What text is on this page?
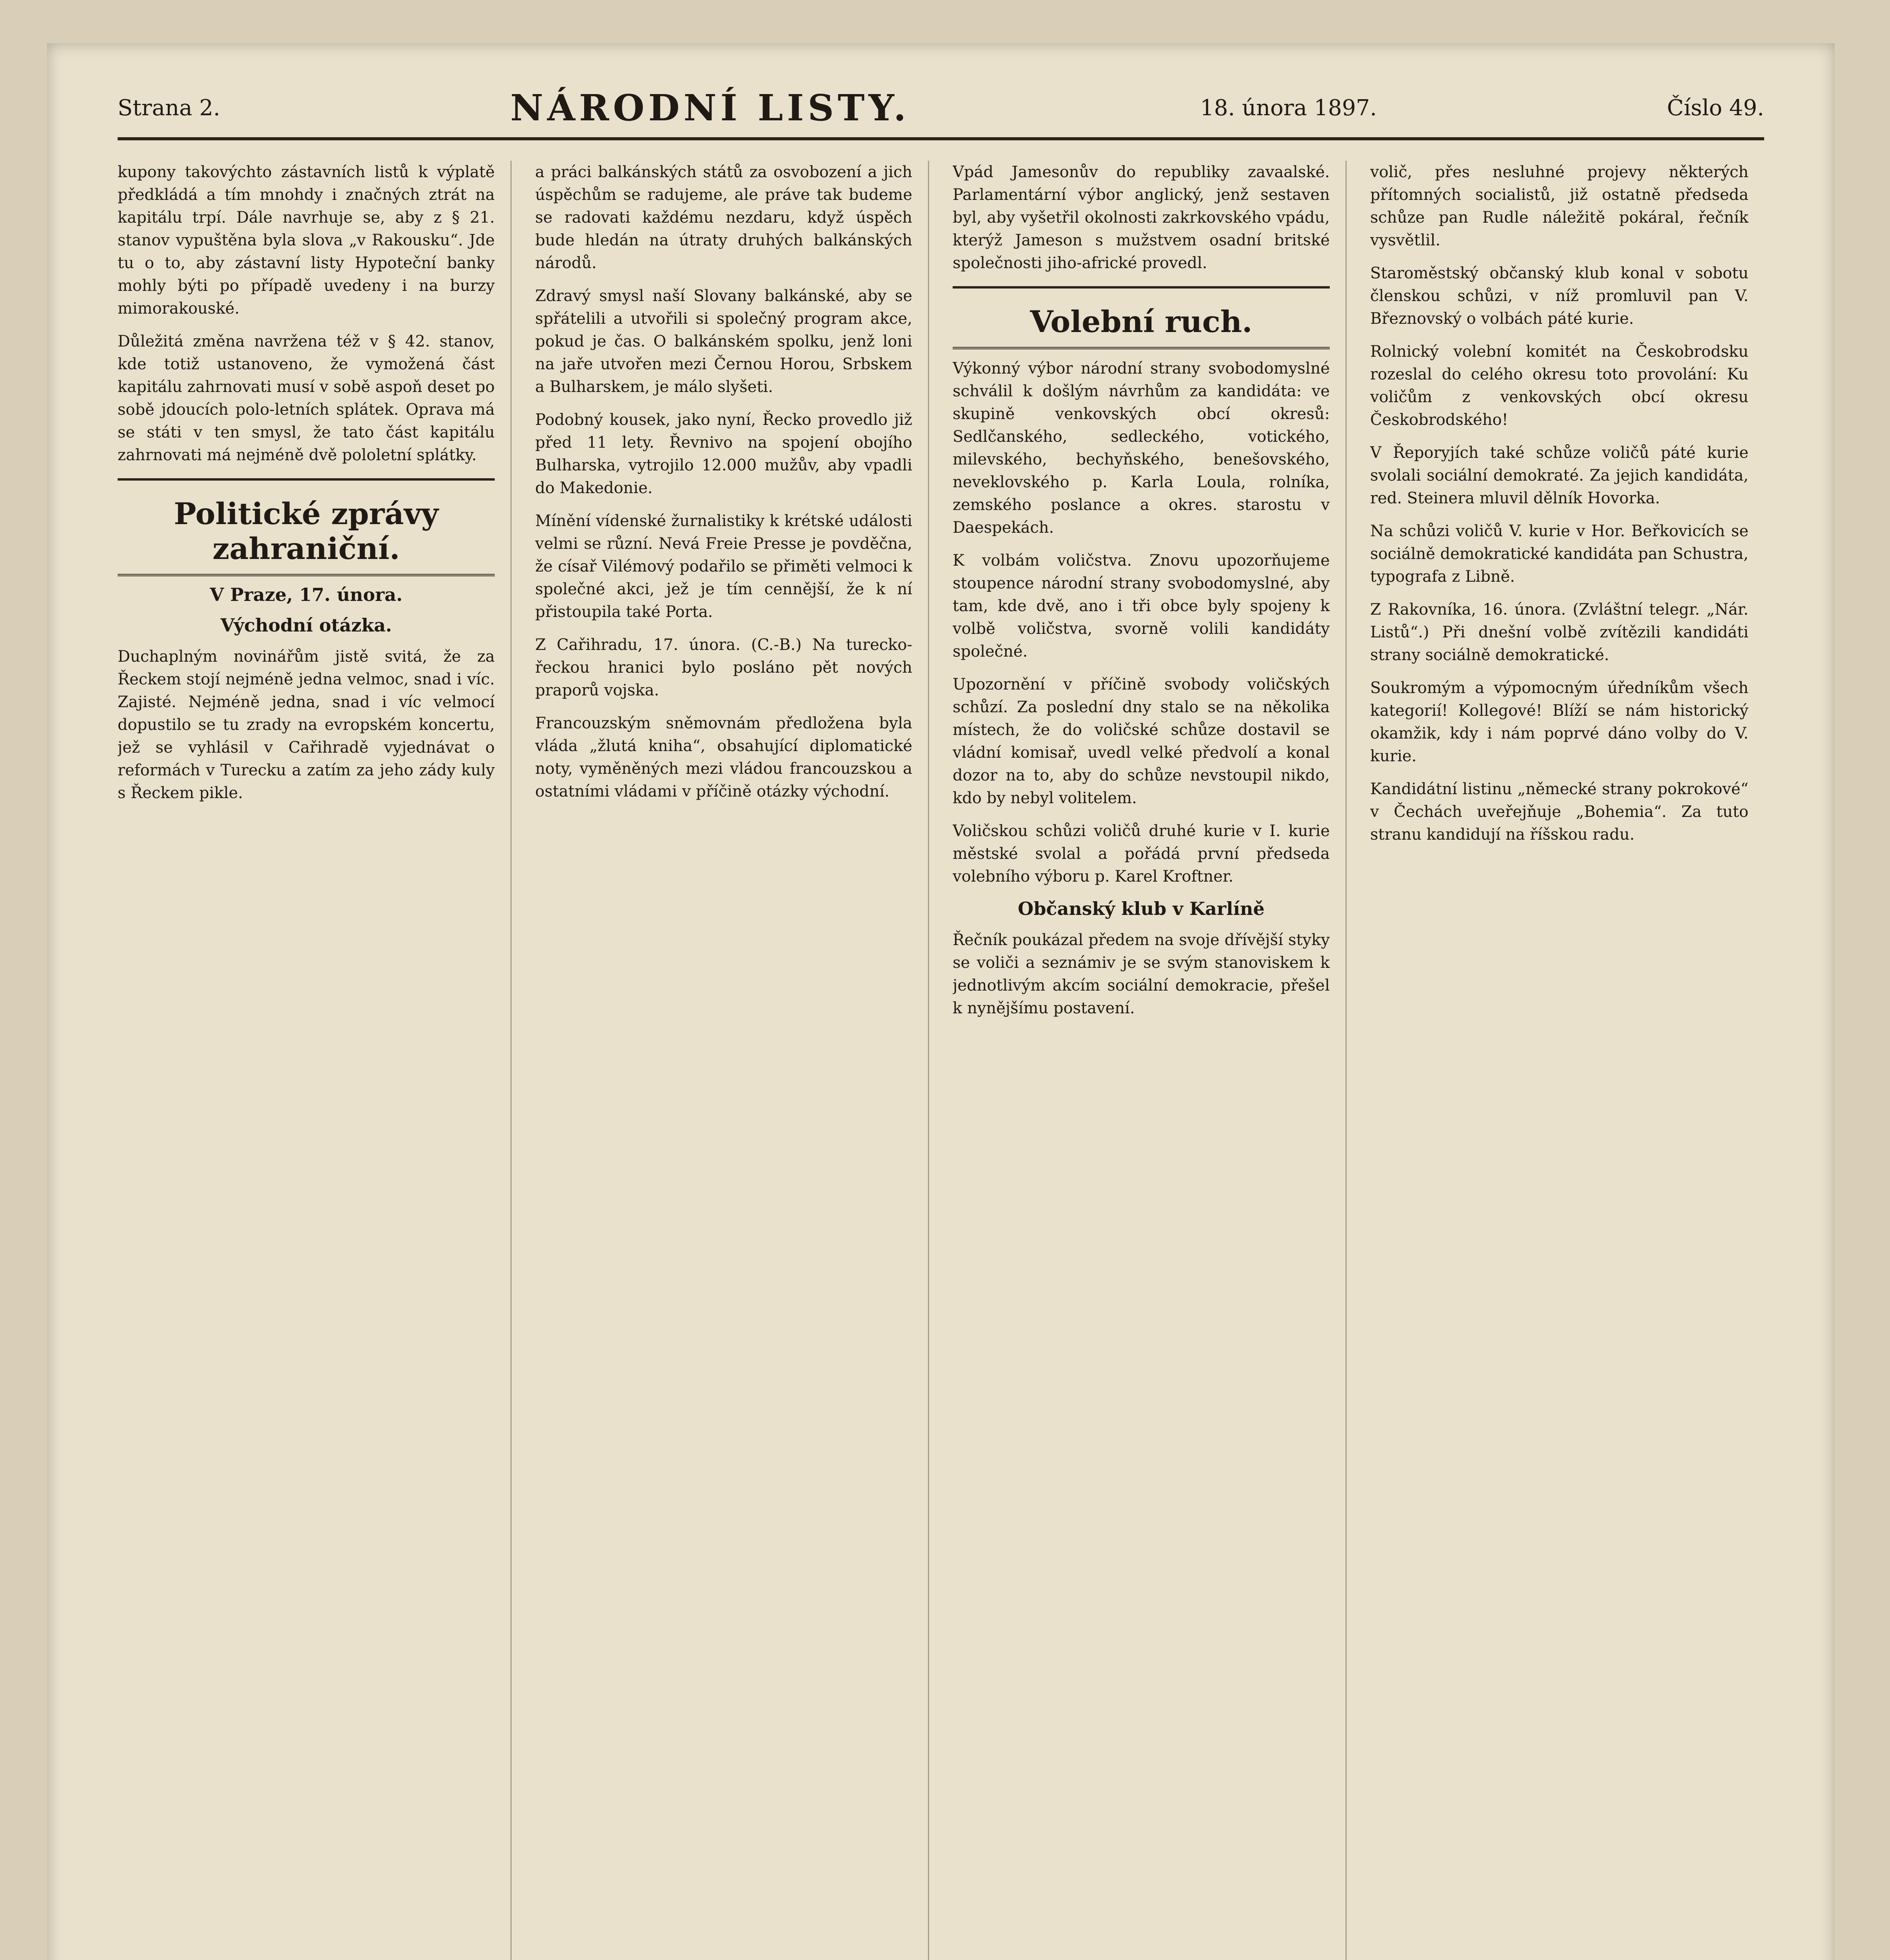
Strana 2.	NÁRODNÍ LISTY.	18. února 1897.	Číslo 49.

kupony takovýchto zástavních listů k výplatě předkládá a tím mnohdy i značných ztrát na kapitálu trpí. Dále navrhuje se, aby z § 21. stanov vypuštěna byla slova „v Rakousku“. Jde tu o to, aby zástavní listy Hypoteční banky mohly býti po případě uvedeny i na burzy mimorakouské.

Důležitá změna navržena též v § 42. stanov, kde totiž ustanoveno, že vymožená část kapitálu zahrnovati musí v sobě aspoň deset po sobě jdoucích polo-letních splátek. Oprava má se státi v ten smysl, že tato část kapitálu zahrnovati má nejméně dvě pololetní splátky.

Politické zprávy zahraniční.
V Praze, 17. února.
Východní otázka.

Duchaplným novinářům jistě svitá, že za Řeckem stojí nejméně jedna velmoc, snad i víc. Zajisté. Nejméně jedna, snad i víc velmocí dopustilo se tu zrady na evropském koncertu, jež se vyhlásil v Cařihradě vyjednávat o reformách v Turecku a zatím za jeho zády kuly s Řeckem pikle.

a práci balkánských států za osvobození a jich úspěchům se radujeme, ale práve tak budeme se radovati každému nezdaru, když úspěch bude hledán na útraty druhých balkánských národů.

Zdravý smysl naší Slovany balkánské, aby se spřátelili a utvořili si společný program akce, pokud je čas. O balkánském spolku, jenž loni na jaře utvořen mezi Černou Horou, Srbskem a Bulharskem, je málo slyšeti.

Podobný kousek, jako nyní, Řecko provedlo již před 11 lety. Řevnivo na spojení obojího Bulharska, vytrojilo 12.000 mužův, aby vpadli do Makedonie.

Mínění vídenské žurnalistiky k krétské události velmi se různí. Nevá Freie Presse je povděčna, že císař Vilémový podařilo se přiměti velmoci k společné akci, jež je tím cennější, že k ní přistoupila také Porta.

Z Cařihradu, 17. února. (C.-B.) Na turecko-řeckou hranici bylo posláno pět nových praporů vojska.

Francouzským sněmovnám předložena byla vláda „žlutá kniha“, obsahující diplomatické noty, vyměněných mezi vládou francouzskou a ostatními vládami v příčině otázky východní.

Vpád Jamesonův do republiky zavaalské. Parlamentární výbor anglický, jenž sestaven byl, aby vyšetřil okolnosti zakrkovského vpádu, kterýž Jameson s mužstvem osadní britské společnosti jiho-africké provedl.

Volební ruch.

Výkonný výbor národní strany svobodomyslné schválil k došlým návrhům za kandidáta: ve skupině venkovských obcí okresů: Sedlčanského, sedleckého, votického, milevského, bechyňského, benešovského, neveklovského p. Karla Loula, rolníka, zemského poslance a okres. starostu v Daespekách.

K volbám voličstva. Znovu upozorňujeme stoupence národní strany svobodomyslné, aby tam, kde dvě, ano i tři obce byly spojeny k volbě voličstva, svorně volili kandidáty společné.

Upozornění v příčině svobody voličských schůzí. Za poslední dny stalo se na několika místech, že do voličské schůze dostavil se vládní komisař, uvedl velké předvolí a konal dozor na to, aby do schůze nevstoupil nikdo, kdo by nebyl volitelem.

Voličskou schůzi voličů druhé kurie v I. kurie městské svolal a pořádá první předseda volebního výboru p. Karel Kroftner.

Občanský klub v Karlíně

Řečník poukázal předem na svoje dřívější styky se voliči a seznámiv je se svým stanoviskem k jednotlivým akcím sociální demokracie, přešel k nynějšímu postavení.

volič, přes nesluhné projevy některých přítomných socialistů, již ostatně předseda schůze pan Rudle náležitě pokáral, řečník vysvětlil.

Staroměstský občanský klub konal v sobotu členskou schůzi, v níž promluvil pan V. Březnovský o volbách páté kurie.

Rolnický volební komitét na Českobrodsku rozeslal do celého okresu toto provolání: Ku voličům z venkovských obcí okresu Českobrodského!

V Řeporyjích také schůze voličů páté kurie svolali sociální demokraté. Za jejich kandidáta, red. Steinera mluvil dělník Hovorka.

Na schůzi voličů V. kurie v Hor. Beřkovicích se sociálně demokratické kandidáta pan Schustra, typografa z Libně.

Z Rakovníka, 16. února. (Zvláštní telegr. „Nár. Listů“.) Při dnešní volbě zvítězili kandidáti strany sociálně demokratické.

Soukromým a výpomocným úředníkům všech kategorií! Kollegové! Blíží se nám historický okamžik, kdy i nám poprvé dáno volby do V. kurie.

Kandidátní listinu „německé strany pokrokové“ v Čechách uveřejňuje „Bohemia“. Za tuto stranu kandidují na říšskou radu.
